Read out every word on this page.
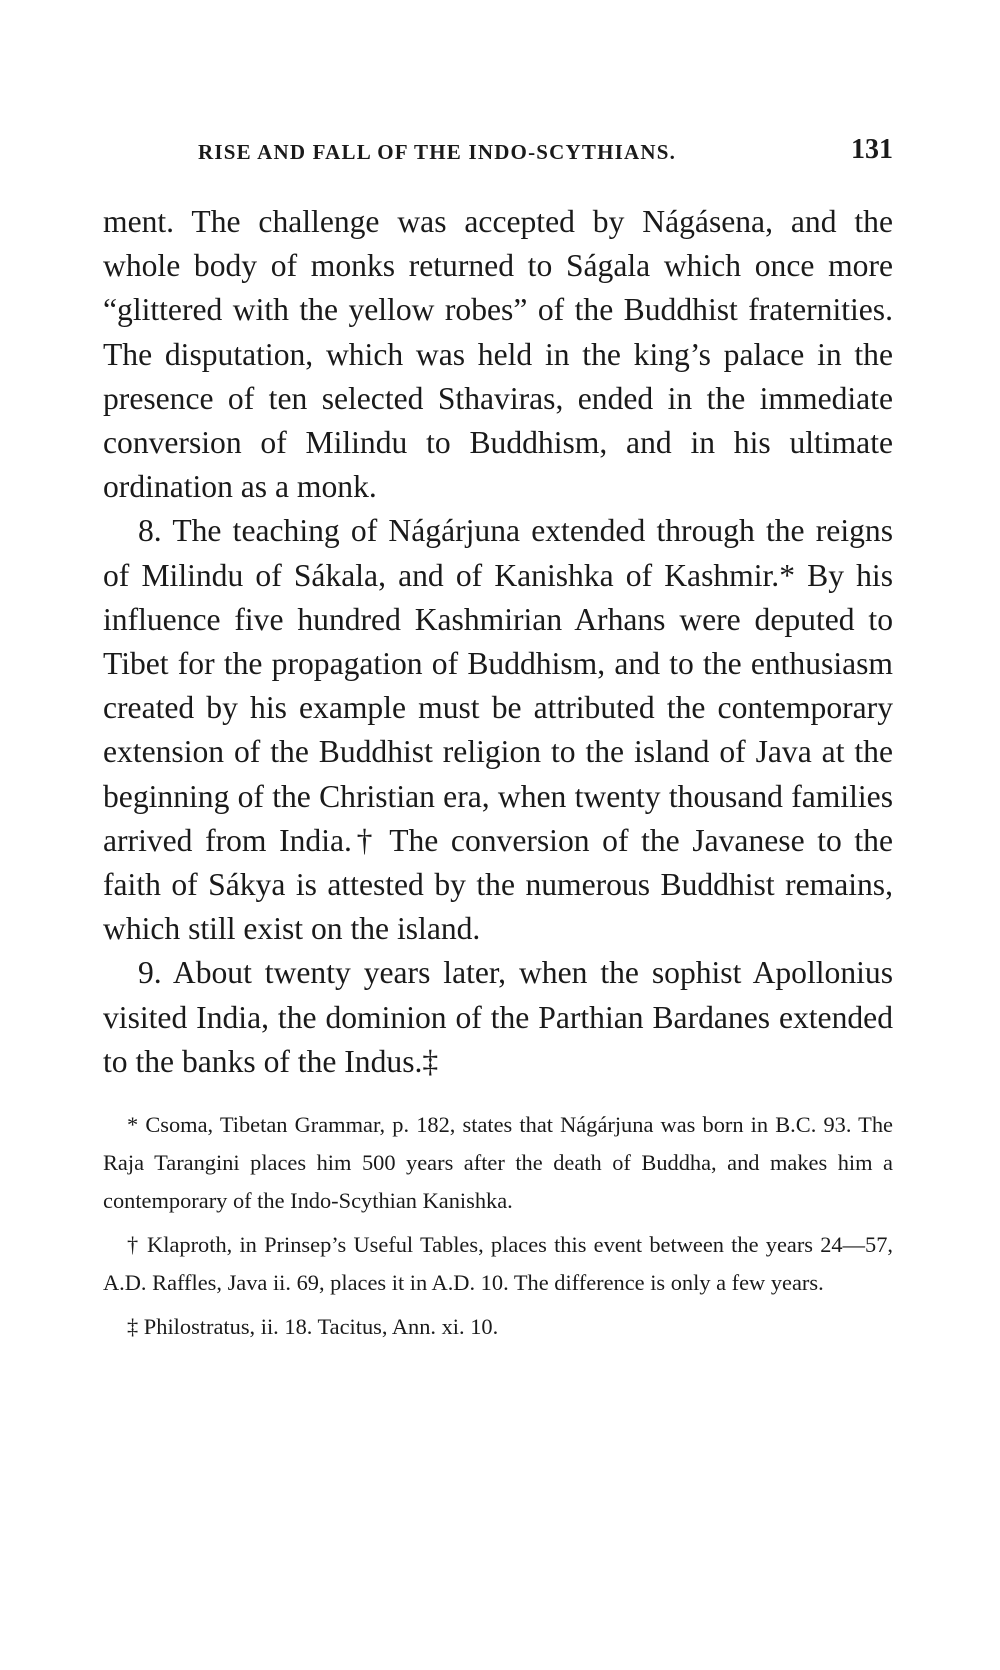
RISE AND FALL OF THE INDO-SCYTHIANS.	131

ment. The challenge was accepted by Nágásena, and the whole body of monks returned to Ságala which once more “glittered with the yellow robes” of the Buddhist fraternities. The disputation, which was held in the king’s palace in the presence of ten selected Sthaviras, ended in the immediate conversion of Milindu to Buddhism, and in his ultimate ordination as a monk.

8. The teaching of Nágárjuna extended through the reigns of Milindu of Sákala, and of Kanishka of Kashmir.* By his influence five hundred Kashmirian Arhans were deputed to Tibet for the propagation of Buddhism, and to the enthusiasm created by his example must be attributed the contemporary extension of the Buddhist religion to the island of Java at the beginning of the Christian era, when twenty thousand families arrived from India.† The conversion of the Javanese to the faith of Sákya is attested by the numerous Buddhist remains, which still exist on the island.

9. About twenty years later, when the sophist Apollonius visited India, the dominion of the Parthian Bardanes extended to the banks of the Indus.‡

* Csoma, Tibetan Grammar, p. 182, states that Nágárjuna was born in B.C. 93. The Raja Tarangini places him 500 years after the death of Buddha, and makes him a contemporary of the Indo-Scythian Kanishka.

† Klaproth, in Prinsep’s Useful Tables, places this event between the years 24—57, A.D. Raffles, Java ii. 69, places it in A.D. 10. The difference is only a few years.

‡ Philostratus, ii. 18. Tacitus, Ann. xi. 10.
